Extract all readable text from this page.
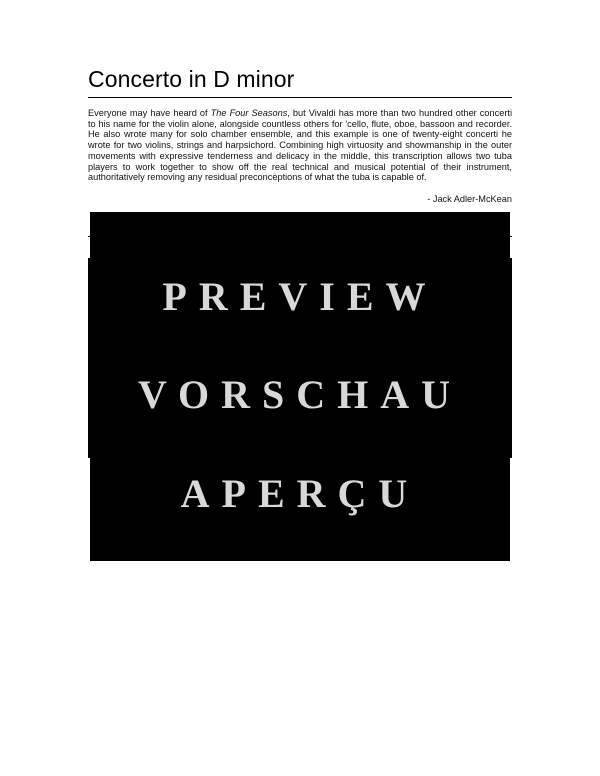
Concerto in D minor

Everyone may have heard of The Four Seasons, but Vivaldi has more than two hundred other concerti to his name for the violin alone, alongside countless others for 'cello, flute, oboe, bassoon and recorder. He also wrote many for solo chamber ensemble, and this example is one of twenty-eight concerti he wrote for two violins, strings and harpsichord. Combining high virtuosity and showmanship in the outer movements with expressive tenderness and delicacy in the middle, this transcription allows two tuba players to work together to show off the real technical and musical potential of their instrument, authoritatively removing any residual preconceptions of what the tuba is capable of.

- Jack Adler-McKean

PREVIEW
VORSCHAU
APERÇU
